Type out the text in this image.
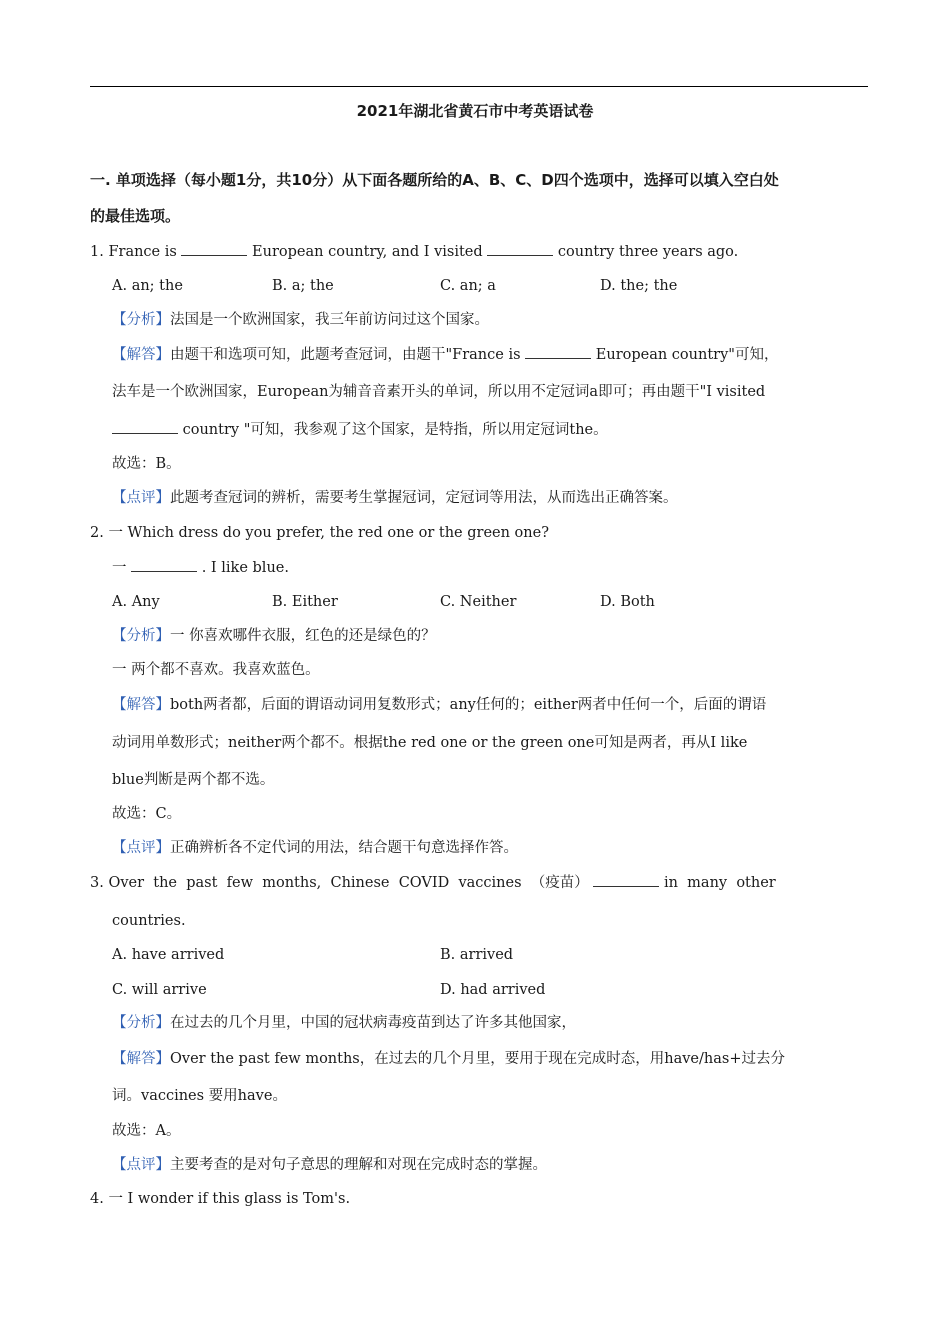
2021年湖北省黄石市中考英语试卷
一. 单项选择（每小题1分，共10分）从下面各题所给的A、B、C、D四个选项中，选择可以填入空白处
的最佳选项。
1. France is	European country, and I visited	country three years ago.
A. an; the	B. a; the	C. an; a	D. the; the
【分析】法国是一个欧洲国家，我三年前访问过这个国家。
【解答】由题干和选项可知，此题考查冠词，由题干"France is	European country"可知，
法车是一个欧洲国家，European为辅音音素开头的单词，所以用不定冠词a即可；再由题干"I visited
country "可知，我参观了这个国家，是特指，所以用定冠词the。
故选：B。
【点评】此题考查冠词的辨析，需要考生掌握冠词，定冠词等用法，从而选出正确答案。
2. 一 Which dress do you prefer, the red one or the green one?
一	. I like blue.
A. Any	B. Either	C. Neither	D. Both
【分析】一 你喜欢哪件衣服，红色的还是绿色的？
一 两个都不喜欢。我喜欢蓝色。
【解答】both两者都，后面的谓语动词用复数形式；any任何的；either两者中任何一个，后面的谓语
动词用单数形式；neither两个都不。根据the red one or the green one可知是两者，再从I like
blue判断是两个都不选。
故选：C。
【点评】正确辨析各不定代词的用法，结合题干句意选择作答。
3. Over  the  past  few  months,  Chinese  COVID  vaccines  （疫苗）	in  many  other
countries.
A. have arrived	B. arrived
C. will arrive	D. had arrived
【分析】在过去的几个月里，中国的冠状病毒疫苗到达了许多其他国家，
【解答】Over the past few months，在过去的几个月里，要用于现在完成时态，用have/has+过去分
词。vaccines 要用have。
故选：A。
【点评】主要考查的是对句子意思的理解和对现在完成时态的掌握。
4. 一 I wonder if this glass is Tom's.
